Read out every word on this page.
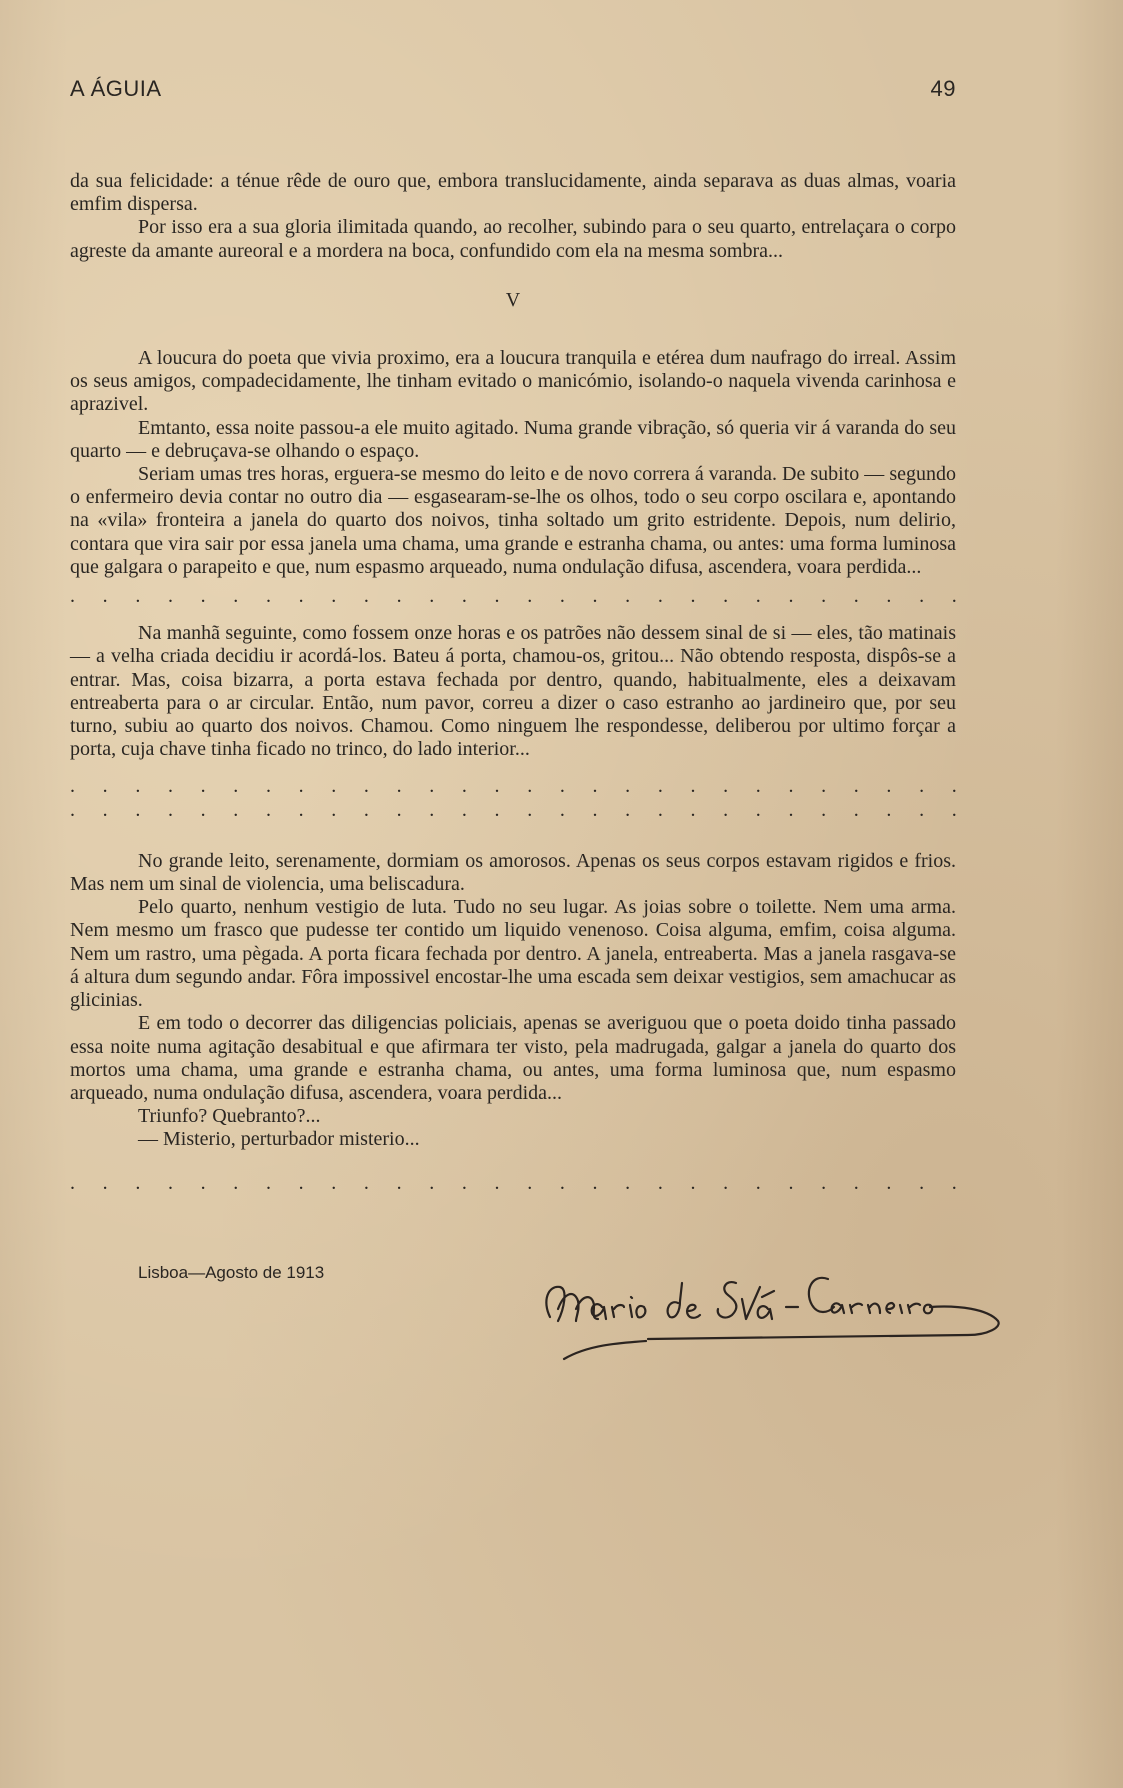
A ÁGUIA	49

da sua felicidade: a ténue rêde de ouro que, embora translucidamente, ainda separava as duas almas, voaria emfim dispersa.

Por isso era a sua gloria ilimitada quando, ao recolher, subindo para o seu quarto, entrelaçara o corpo agreste da amante aureoral e a mordera na boca, confundido com ela na mesma sombra...

V

A loucura do poeta que vivia proximo, era a loucura tranquila e etérea dum naufrago do irreal. Assim os seus amigos, compadecidamente, lhe tinham evitado o manicómio, isolando-o naquela vivenda carinhosa e aprazivel.

Emtanto, essa noite passou-a ele muito agitado. Numa grande vibração, só queria vir á varanda do seu quarto — e debruçava-se olhando o espaço.

Seriam umas tres horas, erguera-se mesmo do leito e de novo correra á varanda. De subito — segundo o enfermeiro devia contar no outro dia — esgasearam-se-lhe os olhos, todo o seu corpo oscilara e, apontando na «vila» fronteira a janela do quarto dos noivos, tinha soltado um grito estridente. Depois, num delirio, contara que vira sair por essa janela uma chama, uma grande e estranha chama, ou antes: uma forma luminosa que galgara o parapeito e que, num espasmo arqueado, numa ondulação difusa, ascendera, voara perdida...

. . . . . . . . . . . . . . . . . . . . . . . . . . . .

Na manhã seguinte, como fossem onze horas e os patrões não dessem sinal de si — eles, tão matinais — a velha criada decidiu ir acordá-los. Bateu á porta, chamou-os, gritou... Não obtendo resposta, dispôs-se a entrar. Mas, coisa bizarra, a porta estava fechada por dentro, quando, habitualmente, eles a deixavam entreaberta para o ar circular. Então, num pavor, correu a dizer o caso estranho ao jardineiro que, por seu turno, subiu ao quarto dos noivos. Chamou. Como ninguem lhe respondesse, deliberou por ultimo forçar a porta, cuja chave tinha ficado no trinco, do lado interior...

. . . . . . . . . . . . . . . . . . . . . . . . . . . .
. . . . . . . . . . . . . . . . . . . . . . . . . . . .

No grande leito, serenamente, dormiam os amorosos. Apenas os seus corpos estavam rigidos e frios. Mas nem um sinal de violencia, uma beliscadura.

Pelo quarto, nenhum vestigio de luta. Tudo no seu lugar. As joias sobre o toilette. Nem uma arma. Nem mesmo um frasco que pudesse ter contido um liquido venenoso. Coisa alguma, emfim, coisa alguma. Nem um rastro, uma pègada. A porta ficara fechada por dentro. A janela, entreaberta. Mas a janela rasgava-se á altura dum segundo andar. Fôra impossivel encostar-lhe uma escada sem deixar vestigios, sem amachucar as glicinias.

E em todo o decorrer das diligencias policiais, apenas se averiguou que o poeta doido tinha passado essa noite numa agitação desabitual e que afirmara ter visto, pela madrugada, galgar a janela do quarto dos mortos uma chama, uma grande e estranha chama, ou antes, uma forma luminosa que, num espasmo arqueado, numa ondulação difusa, ascendera, voara perdida...

Triunfo? Quebranto?...

— Misterio, perturbador misterio...

. . . . . . . . . . . . . . . . . . . . . . . . . . . .
Lisboa—Agosto de 1913
